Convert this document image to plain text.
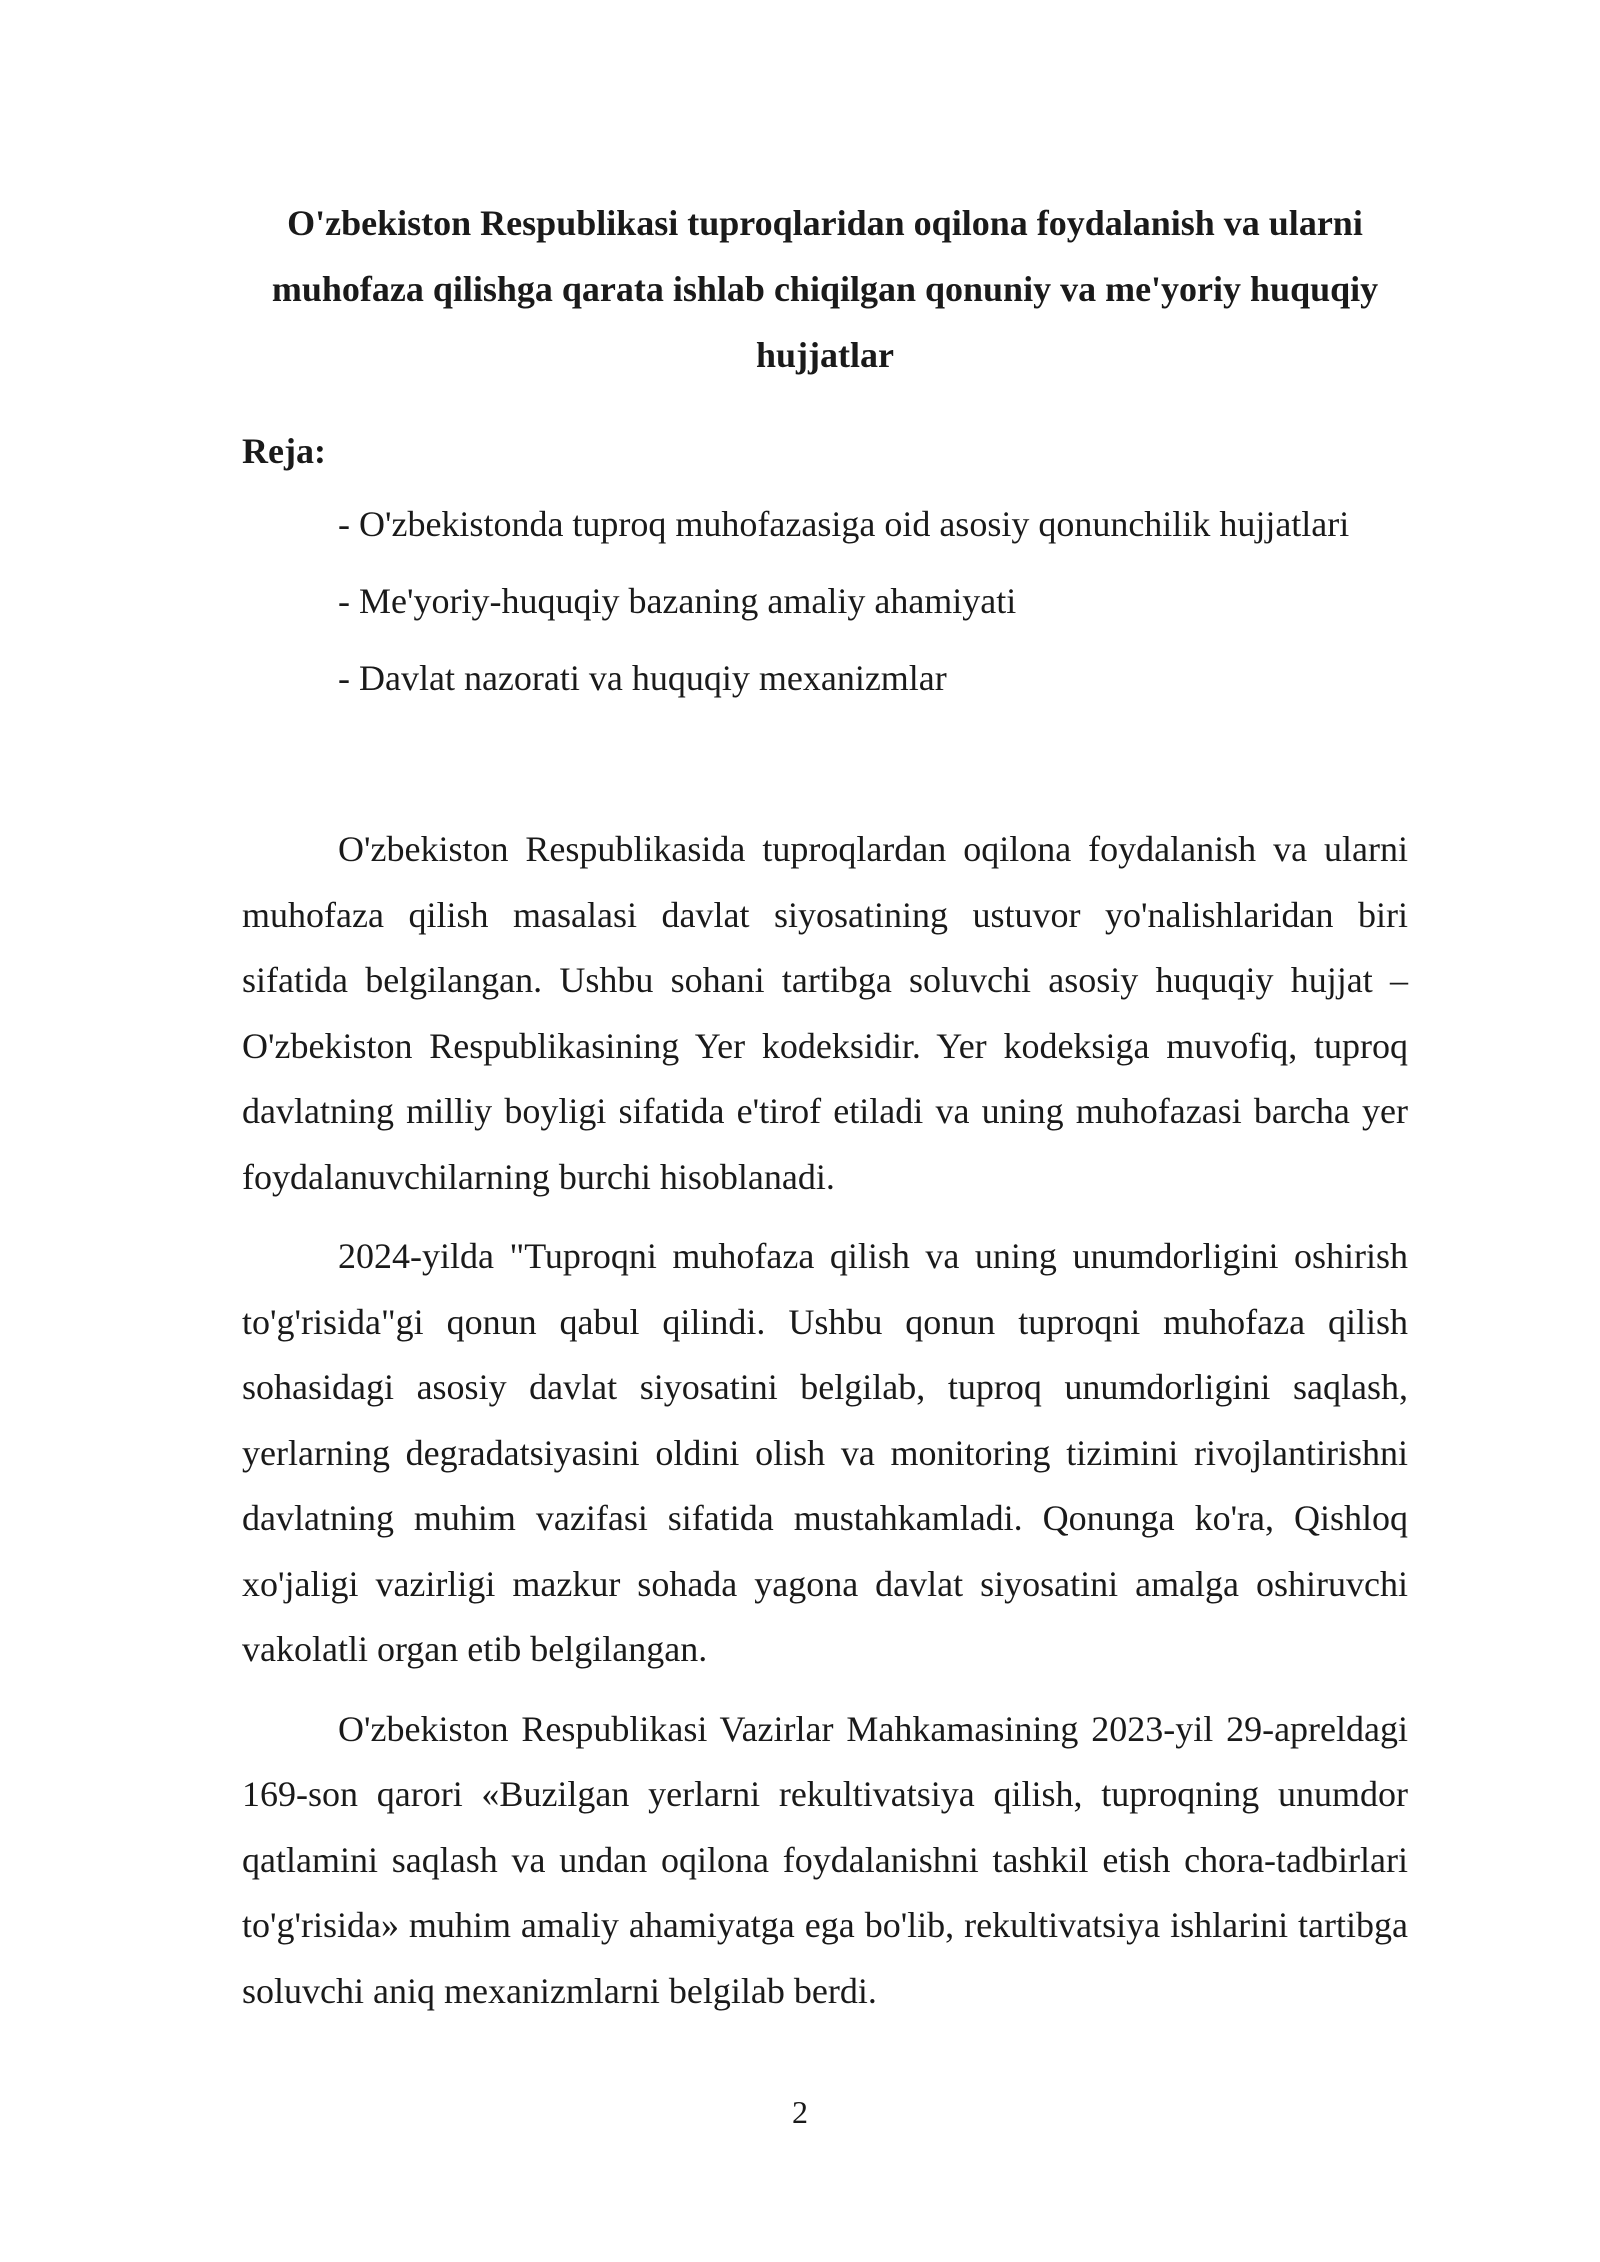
O'zbekiston Respublikasi tuproqlaridan oqilona foydalanish va ularni muhofaza qilishga qarata ishlab chiqilgan qonuniy va me'yoriy huquqiy hujjatlar
Reja:
- O'zbekistonda tuproq muhofazasiga oid asosiy qonunchilik hujjatlari
- Me'yoriy-huquqiy bazaning amaliy ahamiyati
- Davlat nazorati va huquqiy mexanizmlar

O'zbekiston Respublikasida tuproqlardan oqilona foydalanish va ularni muhofaza qilish masalasi davlat siyosatining ustuvor yo'nalishlaridan biri sifatida belgilangan. Ushbu sohani tartibga soluvchi asosiy huquqiy hujjat – O'zbekiston Respublikasining Yer kodeksidir. Yer kodeksiga muvofiq, tuproq davlatning milliy boyligi sifatida e'tirof etiladi va uning muhofazasi barcha yer foydalanuvchilarning burchi hisoblanadi.

2024-yilda "Tuproqni muhofaza qilish va uning unumdorligini oshirish to'g'risida"gi qonun qabul qilindi. Ushbu qonun tuproqni muhofaza qilish sohasidagi asosiy davlat siyosatini belgilab, tuproq unumdorligini saqlash, yerlarning degradatsiyasini oldini olish va monitoring tizimini rivojlantirishni davlatning muhim vazifasi sifatida mustahkamladi. Qonunga ko'ra, Qishloq xo'jaligi vazirligi mazkur sohada yagona davlat siyosatini amalga oshiruvchi vakolatli organ etib belgilangan.

O'zbekiston Respublikasi Vazirlar Mahkamasining 2023-yil 29-apreldagi 169-son qarori «Buzilgan yerlarni rekultivatsiya qilish, tuproqning unumdor qatlamini saqlash va undan oqilona foydalanishni tashkil etish chora-tadbirlari to'g'risida» muhim amaliy ahamiyatga ega bo'lib, rekultivatsiya ishlarini tartibga soluvchi aniq mexanizmlarni belgilab berdi.

2
